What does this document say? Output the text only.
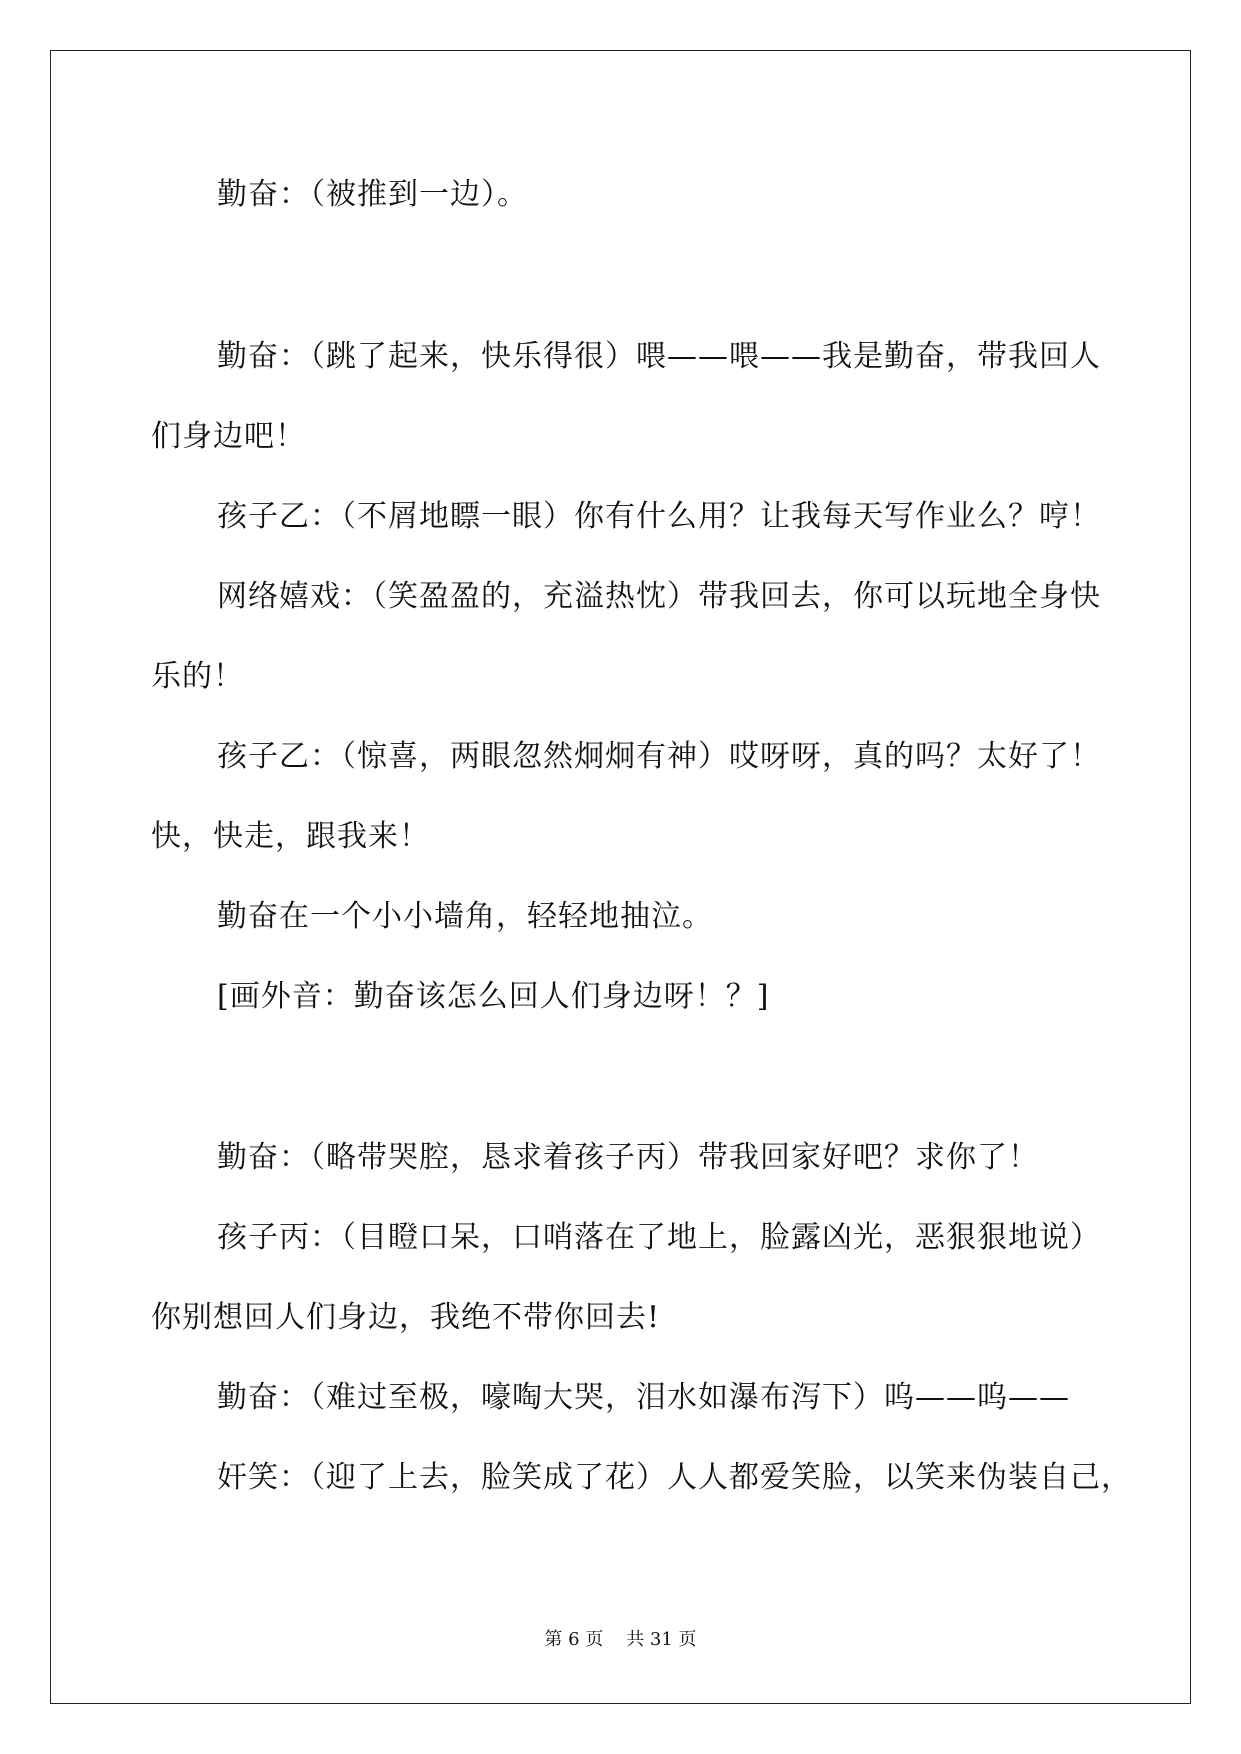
勤奋：（被推到一边）。
勤奋：（跳了起来，快乐得很）喂——喂——我是勤奋，带我回人
们身边吧！
孩子乙：（不屑地瞟一眼）你有什么用？让我每天写作业么？哼！
网络嬉戏：（笑盈盈的，充溢热忱）带我回去，你可以玩地全身快
乐的！
孩子乙：（惊喜，两眼忽然炯炯有神）哎呀呀，真的吗？太好了！
快，快走，跟我来！
勤奋在一个小小墙角，轻轻地抽泣。
[画外音：勤奋该怎么回人们身边呀！？]
勤奋：（略带哭腔，恳求着孩子丙）带我回家好吧？求你了！
孩子丙：（目瞪口呆，口哨落在了地上，脸露凶光，恶狠狠地说）
你别想回人们身边，我绝不带你回去!
勤奋：（难过至极，嚎啕大哭，泪水如瀑布泻下）呜——呜——
奸笑：（迎了上去，脸笑成了花）人人都爱笑脸，以笑来伪装自己，
第 6 页    共 31 页
